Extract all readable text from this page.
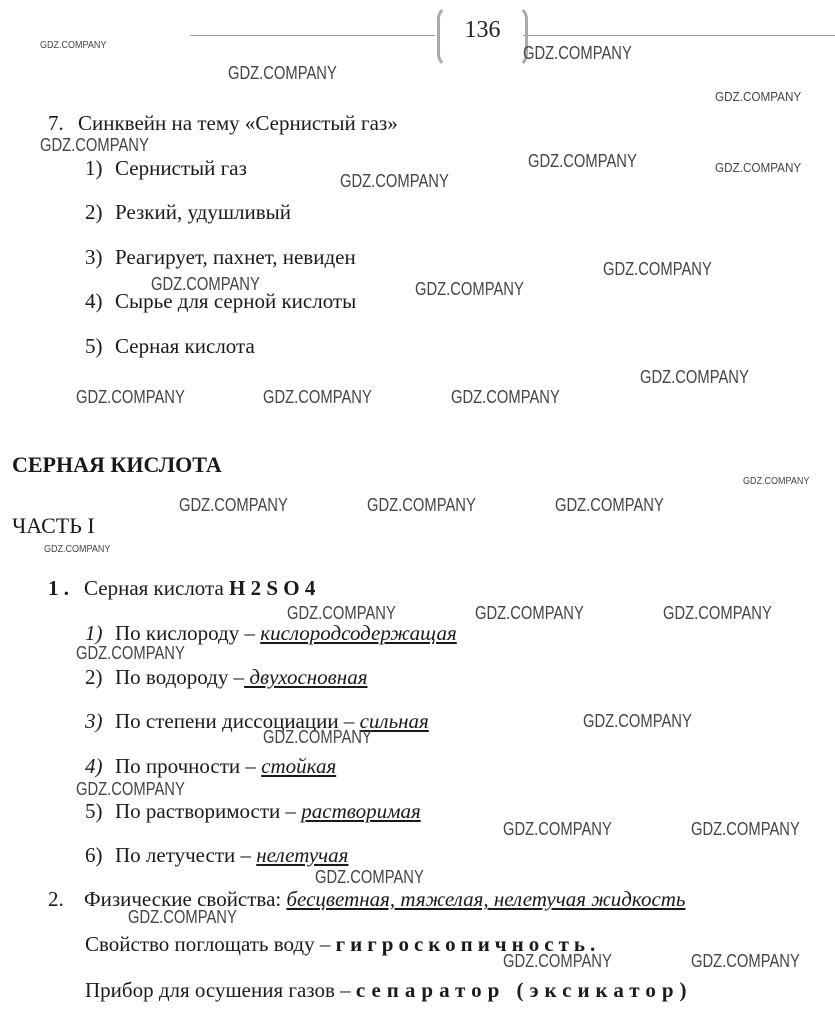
136
7. Синквейн на тему «Сернистый газ»
1) Сернистый газ
2) Резкий, удушливый
3) Реагирует, пахнет, невиден
4) Сырье для серной кислоты
5) Серная кислота
СЕРНАЯ КИСЛОТА
ЧАСТЬ I
1 . Серная кислота H 2 S O 4
1) По кислороду – кислородсодержащая
2) По водороду – двухосновная
3) По степени диссоциации – сильная
4) По прочности – стойкая
5) По растворимости – растворимая
6) По летучести – нелетучая
2. Физические свойства: бесцветная, тяжелая, нелетучая жидкость
Свойство поглощать воду – гигроскопичность.
Прибор для осушения газов – сепаратор (эксикатор)
GDZ.COMPANY	GDZ.COMPANY
GDZ.COMPANY
GDZ.COMPANY
GDZ.COMPANY
GDZ.COMPANY	GDZ.COMPANY
GDZ.COMPANY
GDZ.COMPANY
GDZ.COMPANY	GDZ.COMPANY
GDZ.COMPANY
GDZ.COMPANY	GDZ.COMPANY	GDZ.COMPANY
GDZ.COMPANY
GDZ.COMPANY	GDZ.COMPANY	GDZ.COMPANY
GDZ.COMPANY
GDZ.COMPANY	GDZ.COMPANY	GDZ.COMPANY
GDZ.COMPANY
GDZ.COMPANY
GDZ.COMPANY
GDZ.COMPANY
GDZ.COMPANY	GDZ.COMPANY
GDZ.COMPANY
GDZ.COMPANY
GDZ.COMPANY	GDZ.COMPANY
